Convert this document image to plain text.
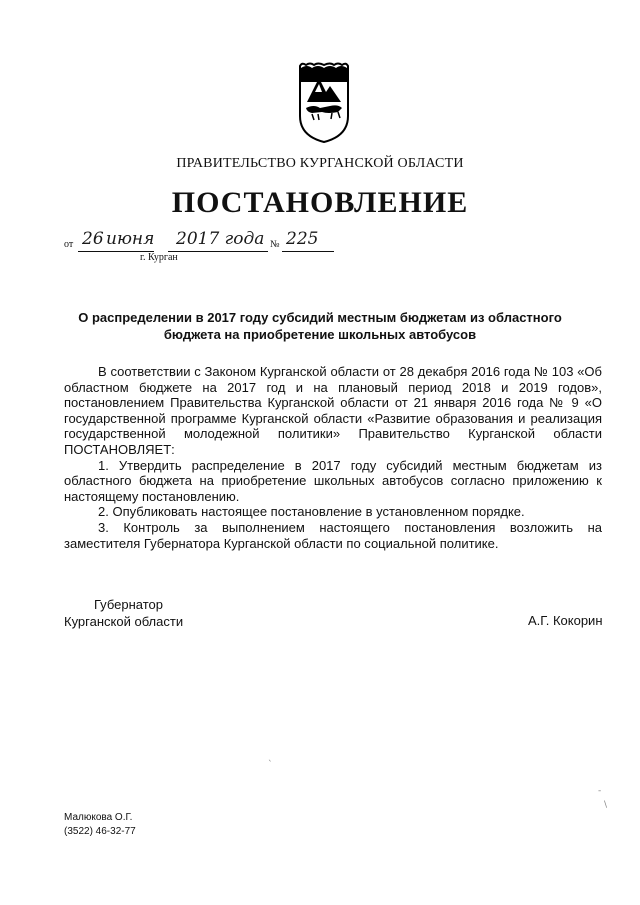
ПРАВИТЕЛЬСТВО КУРГАНСКОЙ ОБЛАСТИ
ПОСТАНОВЛЕНИЕ
от 26 июня 2017 года № 225
г. Курган
О распределении в 2017 году субсидий местным бюджетам из областного
бюджета на приобретение школьных автобусов

В соответствии с Законом Курганской области от 28 декабря 2016 года № 103 «Об областном бюджете на 2017 год и на плановый период 2018 и 2019 годов», постановлением Правительства Курганской области от 21 января 2016 года № 9 «О государственной программе Курганской области «Развитие образования и реализация государственной молодежной политики» Правительство Курганской области ПОСТАНОВЛЯЕТ:

1. Утвердить распределение в 2017 году субсидий местным бюджетам из областного бюджета на приобретение школьных автобусов согласно приложению к настоящему постановлению.

2. Опубликовать настоящее постановление в установленном порядке.

3. Контроль за выполнением настоящего постановления возложить на заместителя Губернатора Курганской области по социальной политике.

Губернатор
Курганской области	А.Г. Кокорин
`
-
\
Малюкова О.Г.
(3522) 46-32-77
